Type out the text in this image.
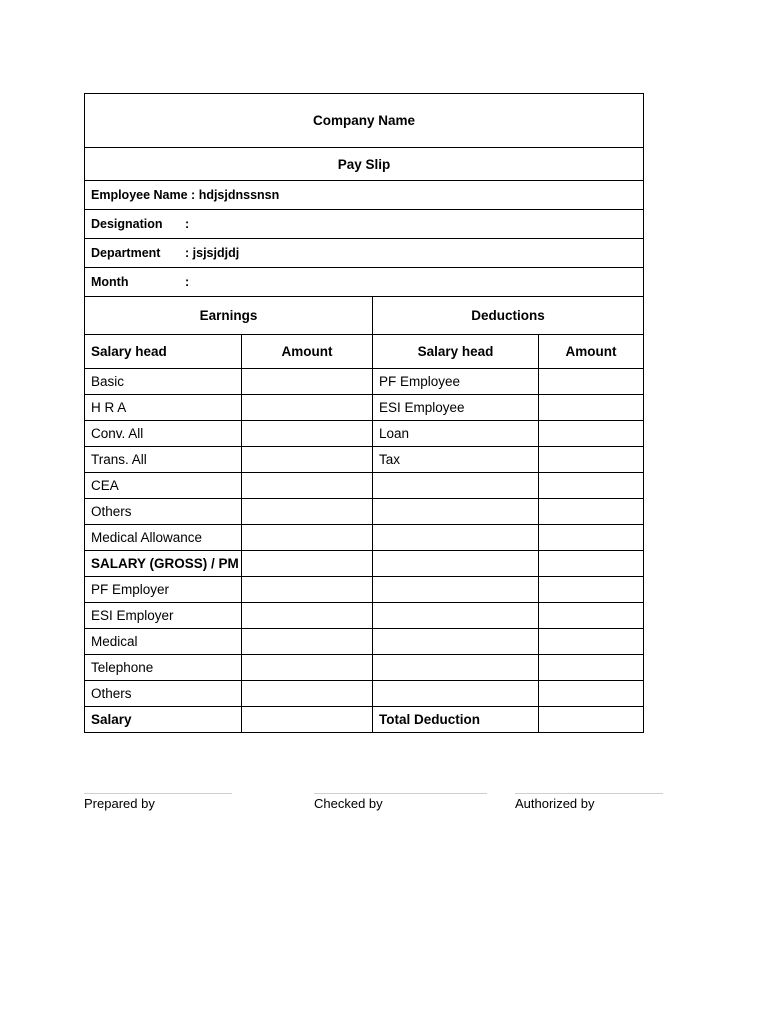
Company Name			
Pay Slip			
Employee Name : hdjsjdnssnsn			
Designation :			
Department : jsjsjdjdj			
Month :			
Earnings		Deductions	
Salary head	Amount	Salary head	Amount
Basic		PF Employee	
H R A		ESI Employee	
Conv. All		Loan	
Trans. All		Tax	
CEA			
Others			
Medical Allowance			
SALARY (GROSS) / PM			
PF Employer			
ESI Employer			
Medical			
Telephone			
Others			
Salary		Total Deduction	
Prepared by	Checked by	Authorized by
